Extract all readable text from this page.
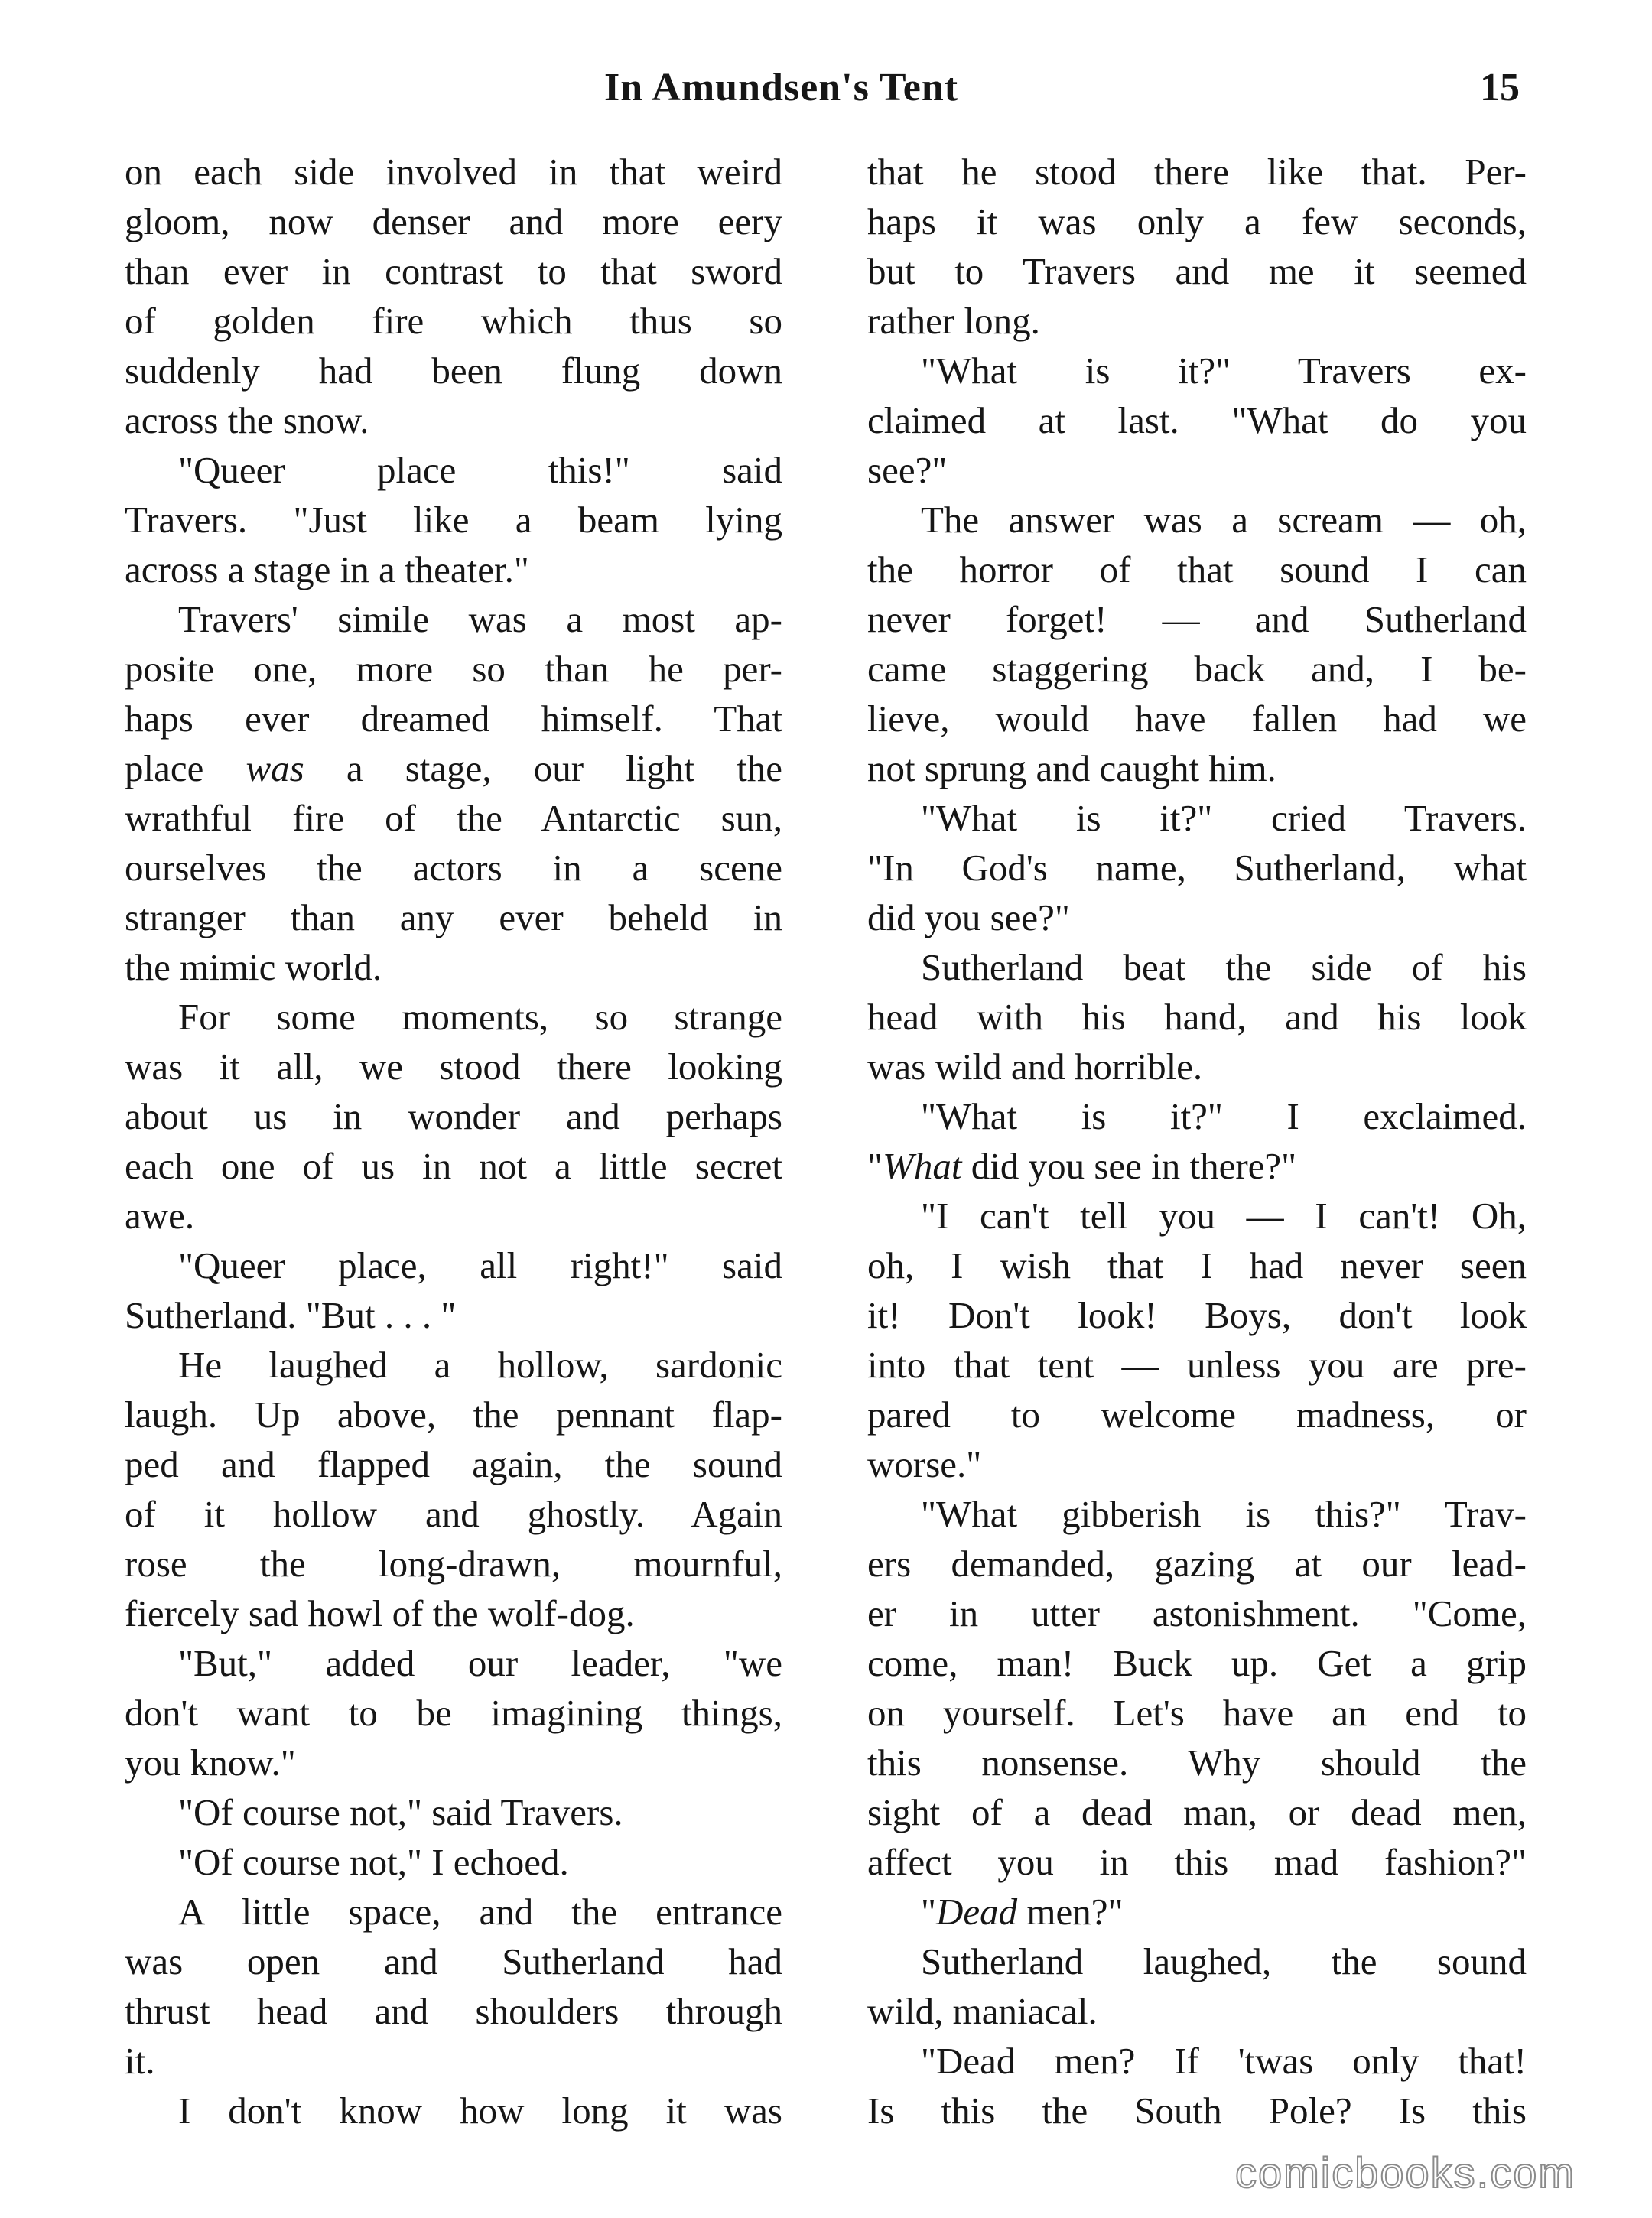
In Amundsen's Tent	15
on each side involved in that weird
gloom, now denser and more eery
than ever in contrast to that sword
of golden fire which thus so
suddenly had been flung down
across the snow.
"Queer place this!" said
Travers. "Just like a beam lying
across a stage in a theater."
Travers' simile was a most ap-
posite one, more so than he per-
haps ever dreamed himself. That
place was a stage, our light the
wrathful fire of the Antarctic sun,
ourselves the actors in a scene
stranger than any ever beheld in
the mimic world.
For some moments, so strange
was it all, we stood there looking
about us in wonder and perhaps
each one of us in not a little secret
awe.
"Queer place, all right!" said
Sutherland. "But . . . "
He laughed a hollow, sardonic
laugh. Up above, the pennant flap-
ped and flapped again, the sound
of it hollow and ghostly. Again
rose the long-drawn, mournful,
fiercely sad howl of the wolf-dog.
"But," added our leader, "we
don't want to be imagining things,
you know."
"Of course not," said Travers.
"Of course not," I echoed.
A little space, and the entrance
was open and Sutherland had
thrust head and shoulders through
it.
I don't know how long it was
that he stood there like that. Per-
haps it was only a few seconds,
but to Travers and me it seemed
rather long.
"What is it?" Travers ex-
claimed at last. "What do you
see?"
The answer was a scream — oh,
the horror of that sound I can
never forget! — and Sutherland
came staggering back and, I be-
lieve, would have fallen had we
not sprung and caught him.
"What is it?" cried Travers.
"In God's name, Sutherland, what
did you see?"
Sutherland beat the side of his
head with his hand, and his look
was wild and horrible.
"What is it?" I exclaimed.
"What did you see in there?"
"I can't tell you — I can't! Oh,
oh, I wish that I had never seen
it! Don't look! Boys, don't look
into that tent — unless you are pre-
pared to welcome madness, or
worse."
"What gibberish is this?" Trav-
ers demanded, gazing at our lead-
er in utter astonishment. "Come,
come, man! Buck up. Get a grip
on yourself. Let's have an end to
this nonsense. Why should the
sight of a dead man, or dead men,
affect you in this mad fashion?"
"Dead men?"
Sutherland laughed, the sound
wild, maniacal.
"Dead men? If 'twas only that!
Is this the South Pole? Is this
comicbooks.com
